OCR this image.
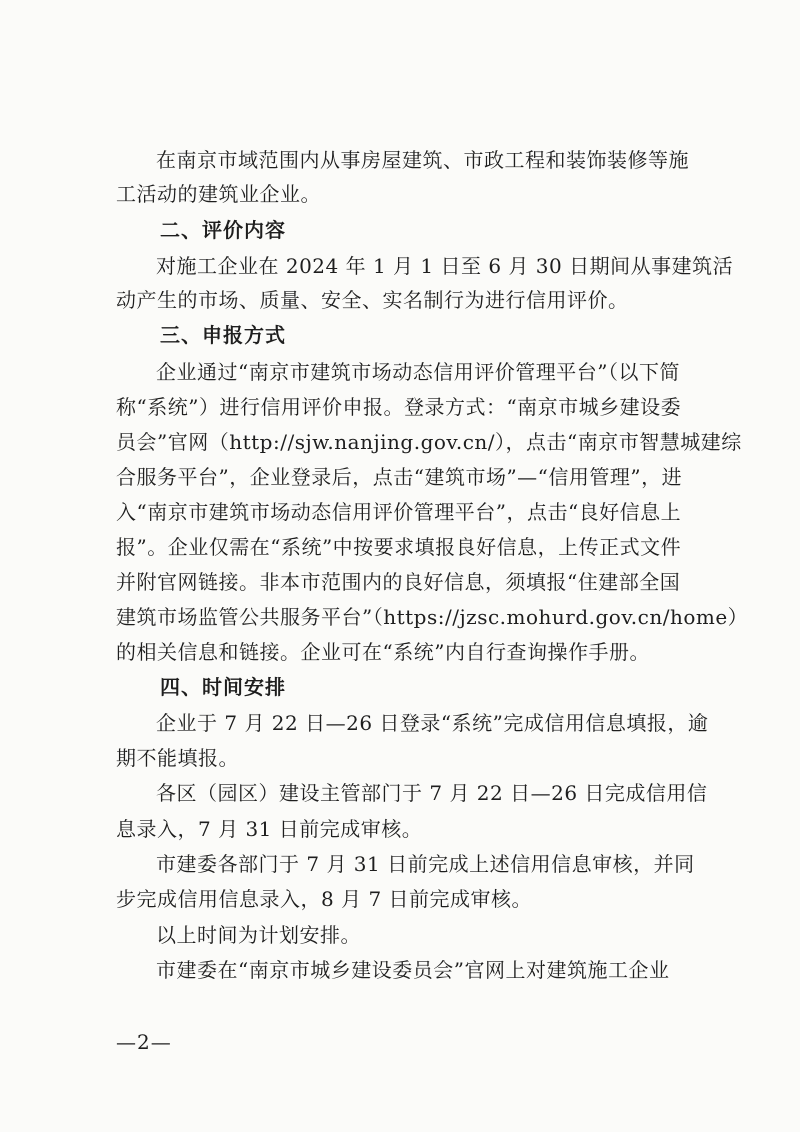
在南京市域范围内从事房屋建筑、市政工程和装饰装修等施
工活动的建筑业企业。
二、评价内容
对施工企业在 2024 年 1 月 1 日至 6 月 30 日期间从事建筑活
动产生的市场、质量、安全、实名制行为进行信用评价。
三、申报方式
企业通过“南京市建筑市场动态信用评价管理平台”（以下简
称“系统”）进行信用评价申报。登录方式：“南京市城乡建设委
员会”官网（http://sjw.nanjing.gov.cn/），点击“南京市智慧城建综
合服务平台”，企业登录后，点击“建筑市场”—“信用管理”，进
入“南京市建筑市场动态信用评价管理平台”，点击“良好信息上
报”。企业仅需在“系统”中按要求填报良好信息，上传正式文件
并附官网链接。非本市范围内的良好信息，须填报“住建部全国
建筑市场监管公共服务平台”（https://jzsc.mohurd.gov.cn/home）
的相关信息和链接。企业可在“系统”内自行查询操作手册。
四、时间安排
企业于 7 月 22 日—26 日登录“系统”完成信用信息填报，逾
期不能填报。
各区（园区）建设主管部门于 7 月 22 日—26 日完成信用信
息录入，7 月 31 日前完成审核。
市建委各部门于 7 月 31 日前完成上述信用信息审核，并同
步完成信用信息录入，8 月 7 日前完成审核。
以上时间为计划安排。
市建委在“南京市城乡建设委员会”官网上对建筑施工企业
—2—
